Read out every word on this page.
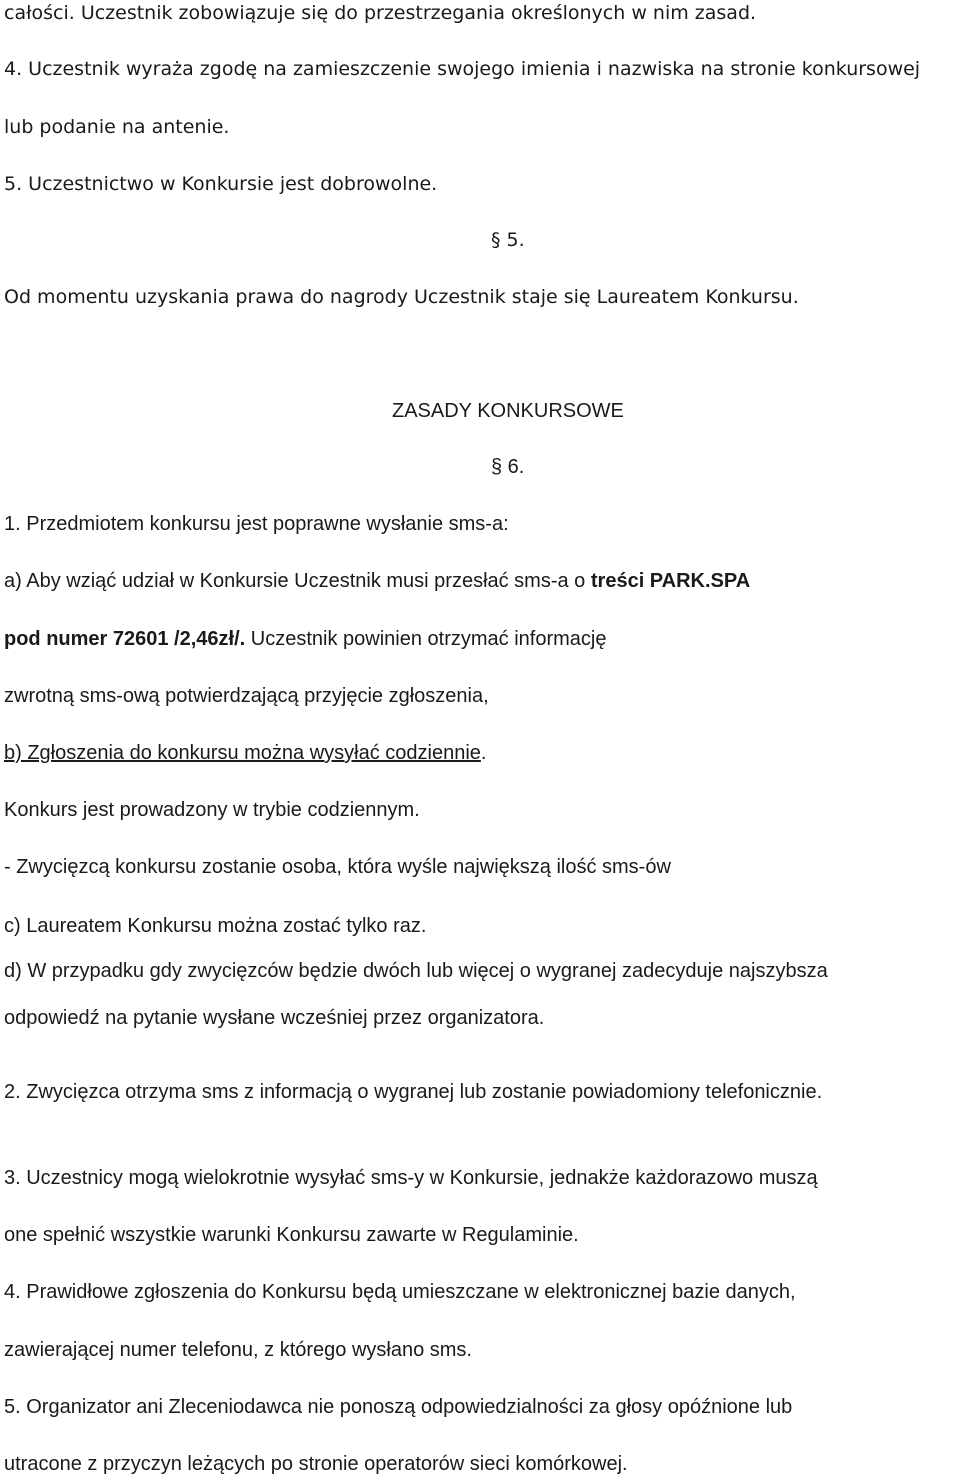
całości. Uczestnik zobowiązuje się do przestrzegania określonych w nim zasad.
4. Uczestnik wyraża zgodę na zamieszczenie swojego imienia i nazwiska na stronie konkursowej
lub podanie na antenie.
5. Uczestnictwo w Konkursie jest dobrowolne.
§ 5.
Od momentu uzyskania prawa do nagrody Uczestnik staje się Laureatem Konkursu.
ZASADY KONKURSOWE
§ 6.
1. Przedmiotem konkursu jest poprawne wysłanie sms-a:
a) Aby wziąć udział w Konkursie Uczestnik musi przesłać sms-a o treści PARK.SPA
pod numer 72601 /2,46zł/. Uczestnik powinien otrzymać informację
zwrotną sms-ową potwierdzającą przyjęcie zgłoszenia,
b) Zgłoszenia do konkursu można wysyłać codziennie.
Konkurs jest prowadzony w trybie codziennym.
- Zwycięzcą konkursu zostanie osoba, która wyśle największą ilość sms-ów
c) Laureatem Konkursu można zostać tylko raz.
d) W przypadku gdy zwycięzców będzie dwóch lub więcej o wygranej zadecyduje najszybsza
odpowiedź na pytanie wysłane wcześniej przez organizatora.
2. Zwycięzca otrzyma sms z informacją o wygranej lub zostanie powiadomiony telefonicznie.
3. Uczestnicy mogą wielokrotnie wysyłać sms-y w Konkursie, jednakże każdorazowo muszą
one spełnić wszystkie warunki Konkursu zawarte w Regulaminie.
4. Prawidłowe zgłoszenia do Konkursu będą umieszczane w elektronicznej bazie danych,
zawierającej numer telefonu, z którego wysłano sms.
5. Organizator ani Zleceniodawca nie ponoszą odpowiedzialności za głosy opóźnione lub
utracone z przyczyn leżących po stronie operatorów sieci komórkowej.
